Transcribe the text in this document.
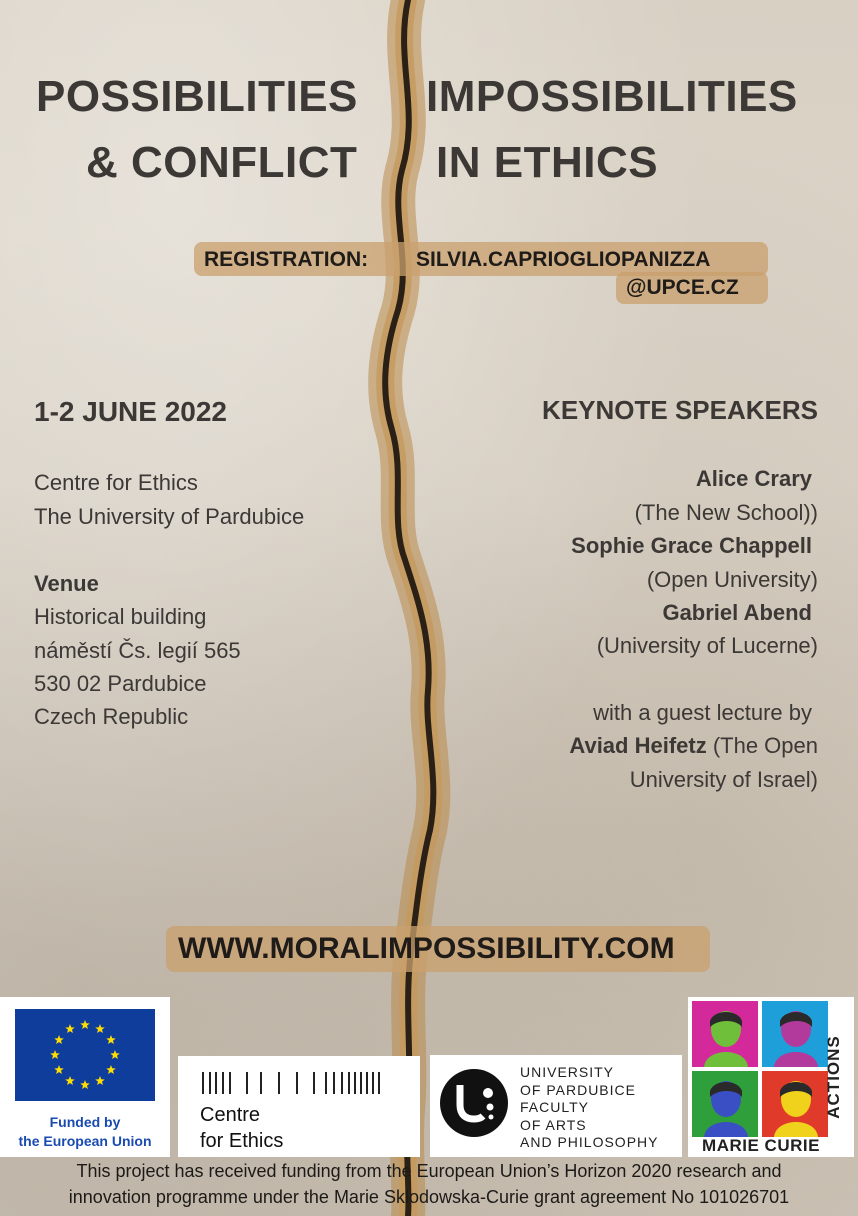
POSSIBILITIES
& CONFLICT
IMPOSSIBILITIES
IN ETHICS
REGISTRATION: SILVIA.CAPRIOGLIOPANIZZA
@UPCE.CZ
1-2 JUNE 2022
Centre for Ethics
The University of Pardubice
Venue
Historical building
náměstí Čs. legií 565
530 02 Pardubice
Czech Republic
KEYNOTE SPEAKERS
Alice Crary
(The New School))
Sophie Grace Chappell
(Open University)
Gabriel Abend
(University of Lucerne)
with a guest lecture by
Aviad Heifetz (The Open
University of Israel)
WWW.MORALIMPOSSIBILITY.COM
Funded by
the European Union
Centre
for Ethics
UNIVERSITY
OF PARDUBICE
FACULTY
OF ARTS
AND PHILOSOPHY	MARIE CURIE
ACTIONS
This project has received funding from the European Union’s Horizon 2020 research and
innovation programme under the Marie Sklodowska-Curie grant agreement No 101026701
